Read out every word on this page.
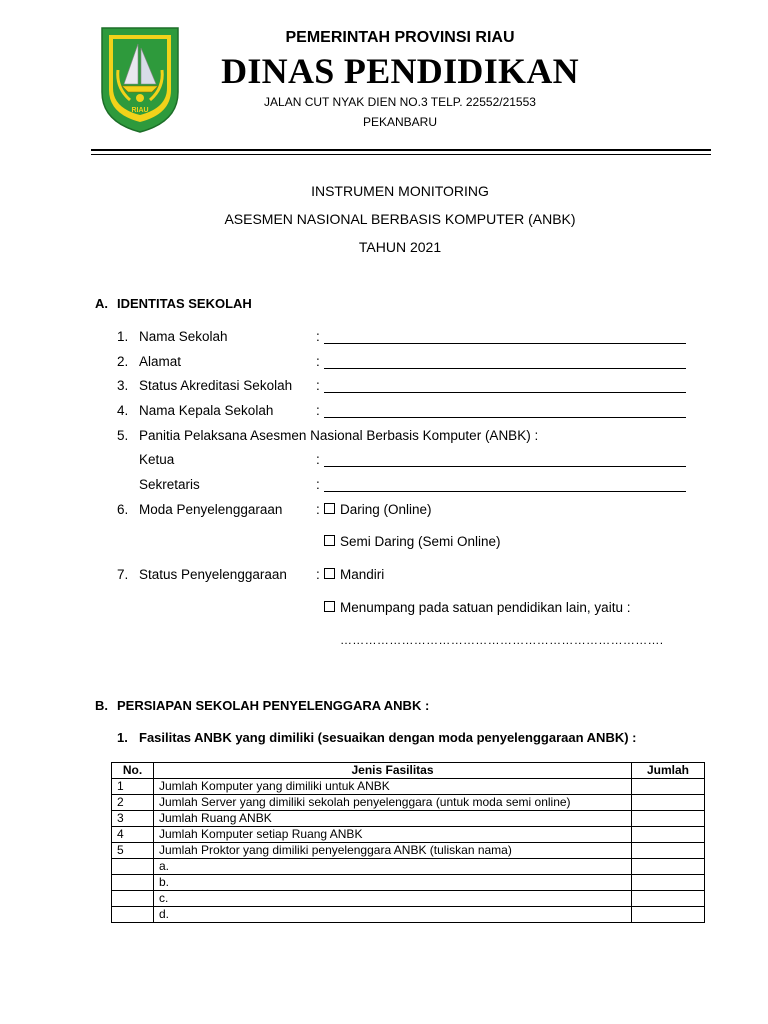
RIAU
PEMERINTAH PROVINSI RIAU
DINAS PENDIDIKAN
JALAN CUT NYAK DIEN NO.3 TELP. 22552/21553
PEKANBARU
INSTRUMEN MONITORING
ASESMEN NASIONAL BERBASIS KOMPUTER (ANBK)
TAHUN 2021
A. IDENTITAS SEKOLAH
1. Nama Sekolah	:
2. Alamat	:
3. Status Akreditasi Sekolah :
4. Nama Kepala Sekolah	:
5. Panitia Pelaksana Asesmen Nasional Berbasis Komputer (ANBK) :
Ketua	:
Sekretaris	:
6. Moda Penyelenggaraan :	Daring (Online)
Semi Daring (Semi Online)
7. Status Penyelenggaraan :	Mandiri
Menumpang pada satuan pendidikan lain, yaitu :
…………………………………………………………………….
B. PERSIAPAN SEKOLAH PENYELENGGARA ANBK :
1. Fasilitas ANBK yang dimiliki (sesuaikan dengan moda penyelenggaraan ANBK) :
No.	Jenis Fasilitas	Jumlah
1	Jumlah Komputer yang dimiliki untuk ANBK	
2	Jumlah Server yang dimiliki sekolah penyelenggara (untuk moda semi online)	
3	Jumlah Ruang ANBK	
4	Jumlah Komputer setiap Ruang ANBK	
5	Jumlah Proktor yang dimiliki penyelenggara ANBK (tuliskan nama)	
	a.	
	b.	
	c.	
	d.	
